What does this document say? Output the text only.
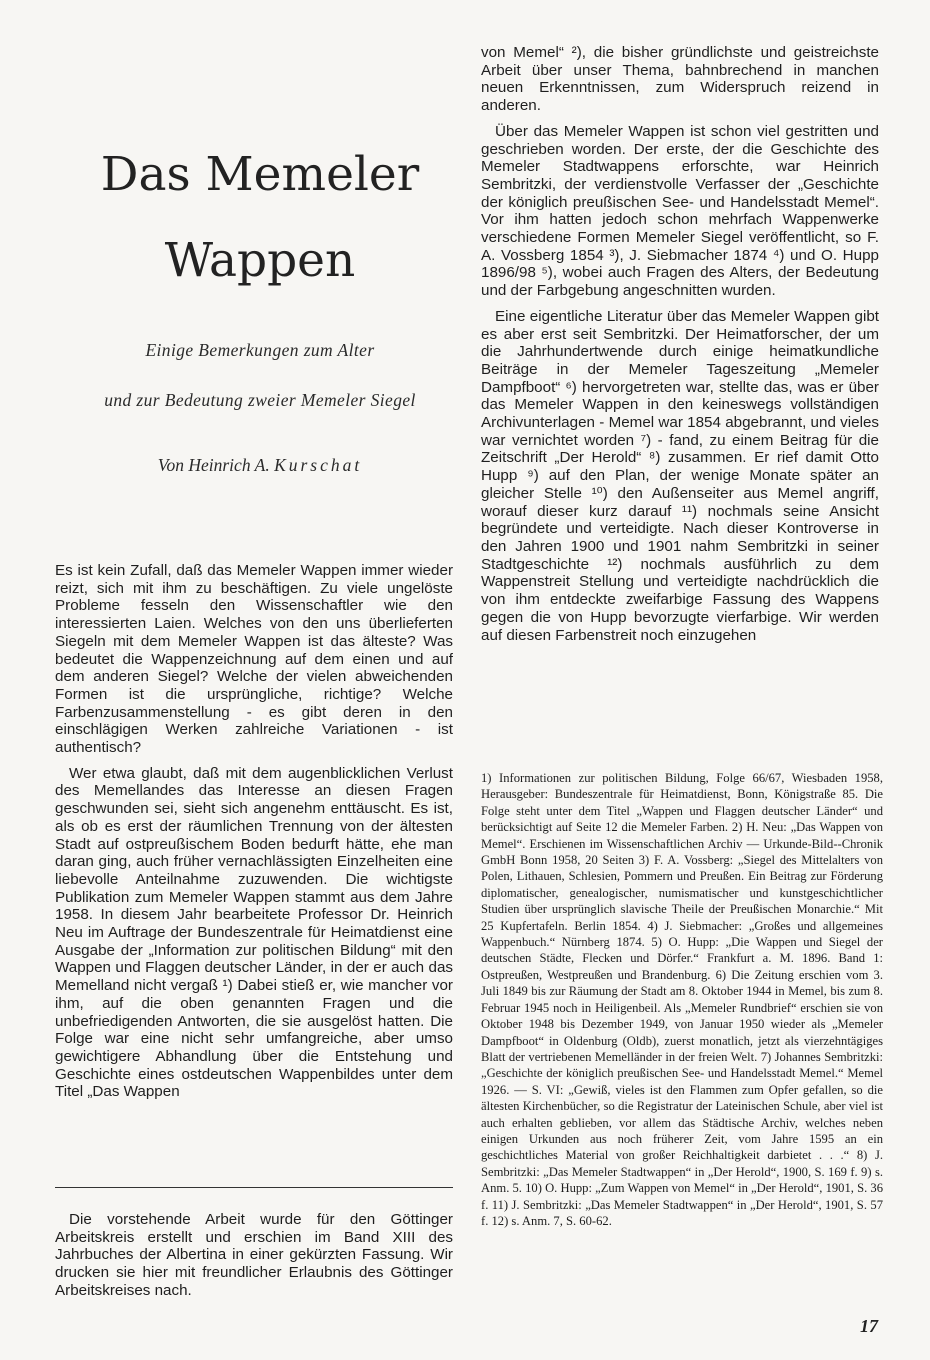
Das Memeler
Wappen

Einige Bemerkungen zum Alter

und zur Bedeutung zweier Memeler Siegel

Von Heinrich A. Kurschat

Es ist kein Zufall, daß das Memeler Wappen immer wieder reizt, sich mit ihm zu beschäftigen. Zu viele ungelöste Probleme fesseln den Wissenschaftler wie den interessierten Laien. Welches von den uns überlieferten Siegeln mit dem Memeler Wappen ist das älteste? Was bedeutet die Wappenzeichnung auf dem einen und auf dem anderen Siegel? Welche der vielen abweichenden Formen ist die ursprüngliche, richtige? Welche Farbenzusammenstellung - es gibt deren in den einschlägigen Werken zahlreiche Variationen - ist authentisch?

Wer etwa glaubt, daß mit dem augenblicklichen Verlust des Memellandes das Interesse an diesen Fragen geschwunden sei, sieht sich angenehm enttäuscht. Es ist, als ob es erst der räumlichen Trennung von der ältesten Stadt auf ostpreußischem Boden bedurft hätte, ehe man daran ging, auch früher vernachlässigten Einzelheiten eine liebevolle Anteilnahme zuzuwenden. Die wichtigste Publikation zum Memeler Wappen stammt aus dem Jahre 1958. In diesem Jahr bearbeitete Professor Dr. Heinrich Neu im Auftrage der Bundeszentrale für Heimatdienst eine Ausgabe der „Information zur politischen Bildung“ mit den Wappen und Flaggen deutscher Länder, in der er auch das Memelland nicht vergaß ¹) Dabei stieß er, wie mancher vor ihm, auf die oben genannten Fragen und die unbefriedigenden Antworten, die sie ausgelöst hatten. Die Folge war eine nicht sehr umfangreiche, aber umso gewichtigere Abhandlung über die Entstehung und Geschichte eines ostdeutschen Wappenbildes unter dem Titel „Das Wappen

Die vorstehende Arbeit wurde für den Göttinger Arbeitskreis erstellt und erschien im Band XIII des Jahrbuches der Albertina in einer gekürzten Fassung. Wir drucken sie hier mit freundlicher Erlaubnis des Göttinger Arbeitskreises nach.

von Memel“ ²), die bisher gründlichste und geistreichste Arbeit über unser Thema, bahnbrechend in manchen neuen Erkenntnissen, zum Widerspruch reizend in anderen.

Über das Memeler Wappen ist schon viel gestritten und geschrieben worden. Der erste, der die Geschichte des Memeler Stadtwappens erforschte, war Heinrich Sembritzki, der verdienstvolle Verfasser der „Geschichte der königlich preußischen See- und Handelsstadt Memel“. Vor ihm hatten jedoch schon mehrfach Wappenwerke verschiedene Formen Memeler Siegel veröffentlicht, so F. A. Vossberg 1854 ³), J. Siebmacher 1874 ⁴) und O. Hupp 1896/98 ⁵), wobei auch Fragen des Alters, der Bedeutung und der Farbgebung angeschnitten wurden.

Eine eigentliche Literatur über das Memeler Wappen gibt es aber erst seit Sembritzki. Der Heimatforscher, der um die Jahrhundertwende durch einige heimatkundliche Beiträge in der Memeler Tageszeitung „Memeler Dampfboot“ ⁶) hervorgetreten war, stellte das, was er über das Memeler Wappen in den keineswegs vollständigen Archivunterlagen - Memel war 1854 abgebrannt, und vieles war vernichtet worden ⁷) - fand, zu einem Beitrag für die Zeitschrift „Der Herold“ ⁸) zusammen. Er rief damit Otto Hupp ⁹) auf den Plan, der wenige Monate später an gleicher Stelle ¹⁰) den Außenseiter aus Memel angriff, worauf dieser kurz darauf ¹¹) nochmals seine Ansicht begründete und verteidigte. Nach dieser Kontroverse in den Jahren 1900 und 1901 nahm Sembritzki in seiner Stadtgeschichte ¹²) nochmals ausführlich zu dem Wappenstreit Stellung und verteidigte nachdrücklich die von ihm entdeckte zweifarbige Fassung des Wappens gegen die von Hupp bevorzugte vierfarbige. Wir werden auf diesen Farbenstreit noch einzugehen

1) Informationen zur politischen Bildung, Folge 66/67, Wiesbaden 1958, Herausgeber: Bundeszentrale für Heimatdienst, Bonn, Königstraße 85. Die Folge steht unter dem Titel „Wappen und Flaggen deutscher Länder“ und berücksichtigt auf Seite 12 die Memeler Farben. 2) H. Neu: „Das Wappen von Memel“. Erschienen im Wissenschaftlichen Archiv — Urkunde-Bild--Chronik GmbH Bonn 1958, 20 Seiten 3) F. A. Vossberg: „Siegel des Mittelalters von Polen, Lithauen, Schlesien, Pommern und Preußen. Ein Beitrag zur Förderung diplomatischer, genealogischer, numismatischer und kunstgeschichtlicher Studien über ursprünglich slavische Theile der Preußischen Monarchie.“ Mit 25 Kupfertafeln. Berlin 1854. 4) J. Siebmacher: „Großes und allgemeines Wappenbuch.“ Nürnberg 1874. 5) O. Hupp: „Die Wappen und Siegel der deutschen Städte, Flecken und Dörfer.“ Frankfurt a. M. 1896. Band 1: Ostpreußen, Westpreußen und Brandenburg. 6) Die Zeitung erschien vom 3. Juli 1849 bis zur Räumung der Stadt am 8. Oktober 1944 in Memel, bis zum 8. Februar 1945 noch in Heiligenbeil. Als „Memeler Rundbrief“ erschien sie von Oktober 1948 bis Dezember 1949, von Januar 1950 wieder als „Memeler Dampfboot“ in Oldenburg (Oldb), zuerst monatlich, jetzt als vierzehntägiges Blatt der vertriebenen Memelländer in der freien Welt. 7) Johannes Sembritzki: „Geschichte der königlich preußischen See- und Handelsstadt Memel.“ Memel 1926. — S. VI: „Gewiß, vieles ist den Flammen zum Opfer gefallen, so die ältesten Kirchenbücher, so die Registratur der Lateinischen Schule, aber viel ist auch erhalten geblieben, vor allem das Städtische Archiv, welches neben einigen Urkunden aus noch früherer Zeit, vom Jahre 1595 an ein geschichtliches Material von großer Reichhaltigkeit darbietet . . .“ 8) J. Sembritzki: „Das Memeler Stadtwappen“ in „Der Herold“, 1900, S. 169 f. 9) s. Anm. 5. 10) O. Hupp: „Zum Wappen von Memel“ in „Der Herold“, 1901, S. 36 f. 11) J. Sembritzki: „Das Memeler Stadtwappen“ in „Der Herold“, 1901, S. 57 f. 12) s. Anm. 7, S. 60-62.

17
